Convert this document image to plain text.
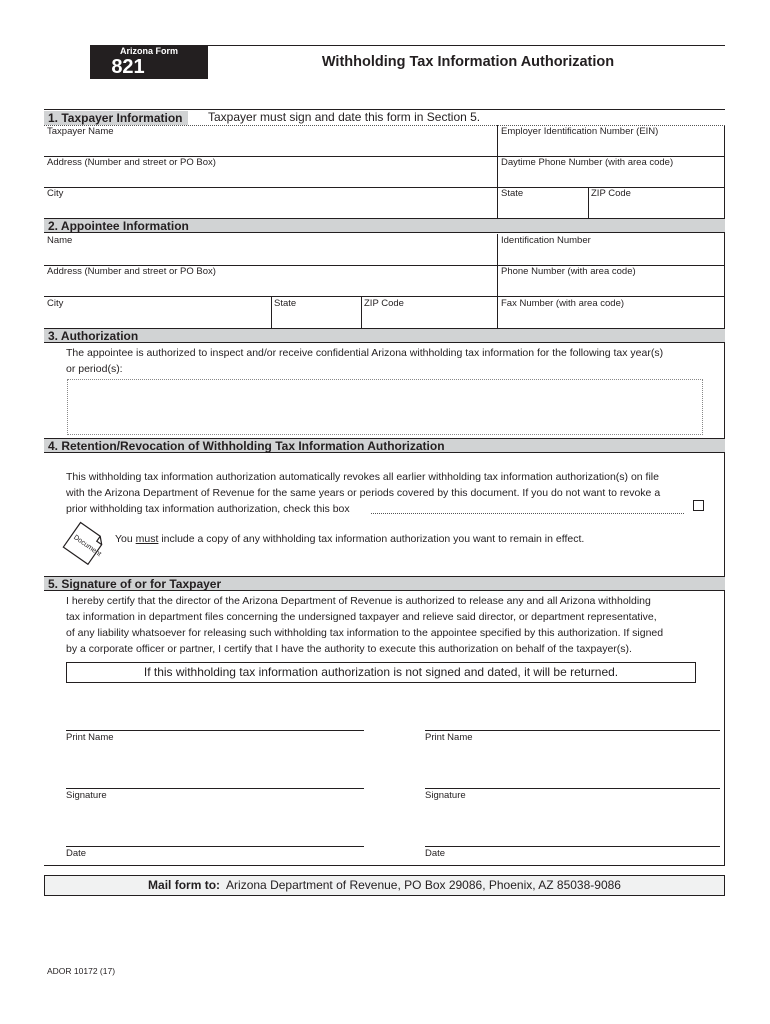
Arizona Form
821	Withholding Tax Information Authorization
1. Taxpayer Information	Taxpayer must sign and date this form in Section 5.
Taxpayer Name	Employer Identification Number (EIN)
Address (Number and street or PO Box)	Daytime Phone Number (with area code)
City	State	ZIP Code
2. Appointee Information
Name	Identification Number
Address (Number and street or PO Box)	Phone Number (with area code)
City	State	ZIP Code	Fax Number (with area code)
3. Authorization
The appointee is authorized to inspect and/or receive confidential Arizona withholding tax information for the following tax year(s)
or period(s):
4. Retention/Revocation of Withholding Tax Information Authorization
This withholding tax information authorization automatically revokes all earlier withholding tax information authorization(s) on file
with the Arizona Department of Revenue for the same years or periods covered by this document. If you do not want to revoke a
prior withholding tax information authorization, check this box
Document You must include a copy of any withholding tax information authorization you want to remain in effect.
5. Signature of or for Taxpayer
I hereby certify that the director of the Arizona Department of Revenue is authorized to release any and all Arizona withholding
tax information in department files concerning the undersigned taxpayer and relieve said director, or department representative,
of any liability whatsoever for releasing such withholding tax information to the appointee specified by this authorization. If signed
by a corporate officer or partner, I certify that I have the authority to execute this authorization on behalf of the taxpayer(s).
If this withholding tax information authorization is not signed and dated, it will be returned.
Print Name
Signature
Date
Print Name
Signature
Date
Mail form to: Arizona Department of Revenue, PO Box 29086, Phoenix, AZ 85038-9086
ADOR 10172 (17)
